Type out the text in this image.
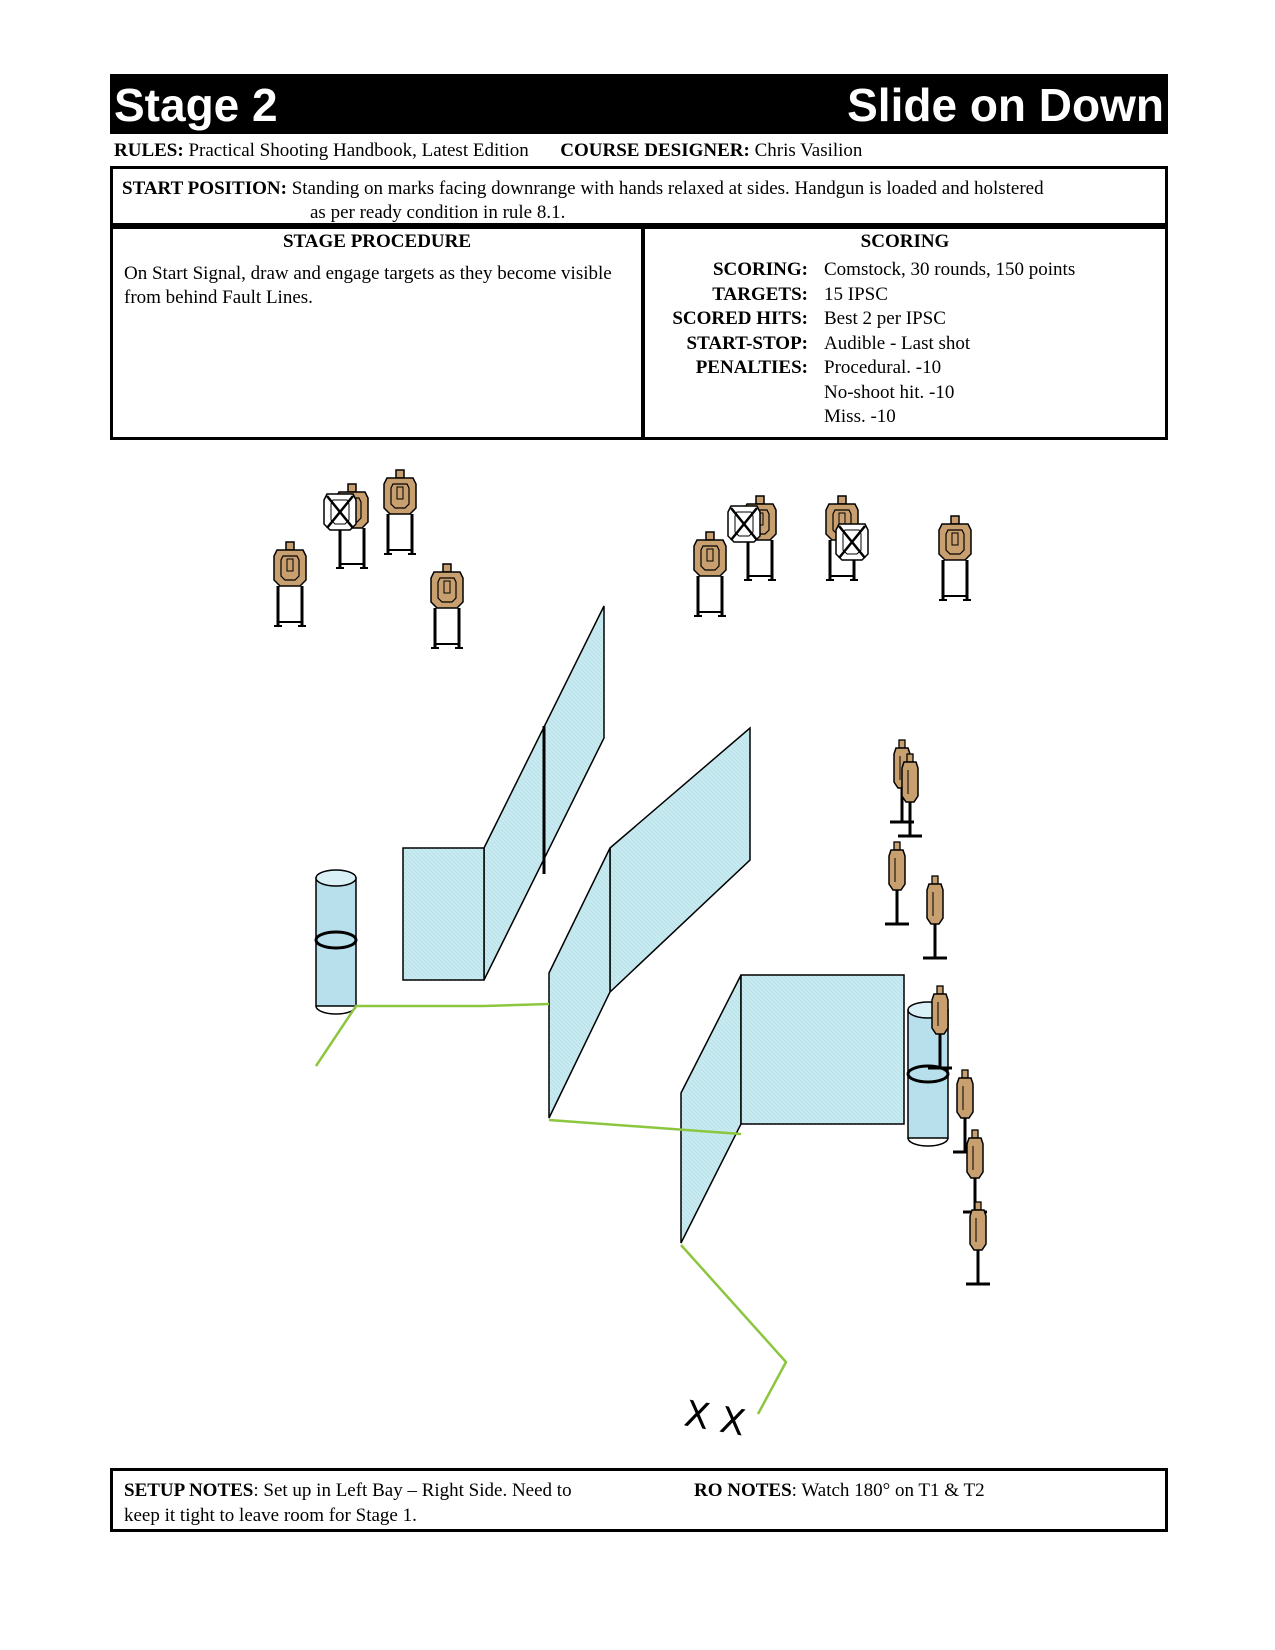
Stage 2	Slide on Down
RULES: Practical Shooting Handbook, Latest Edition COURSE DESIGNER: Chris Vasilion
START POSITION: Standing on marks facing downrange with hands relaxed at sides. Handgun is loaded and holstered
as per ready condition in rule 8.1.
STAGE PROCEDURE
On Start Signal, draw and engage targets as they become visible from behind Fault Lines.
SCORING
SCORING: Comstock, 30 rounds, 150 points
TARGETS: 15 IPSC
SCORED HITS: Best 2 per IPSC
START-STOP: Audible - Last shot
PENALTIES: Procedural. -10
No-shoot hit. -10
Miss. -10
X X
SETUP NOTES: Set up in Left Bay – Right Side. Need to keep it tight to leave room for Stage 1.
RO NOTES: Watch 180° on T1 & T2
